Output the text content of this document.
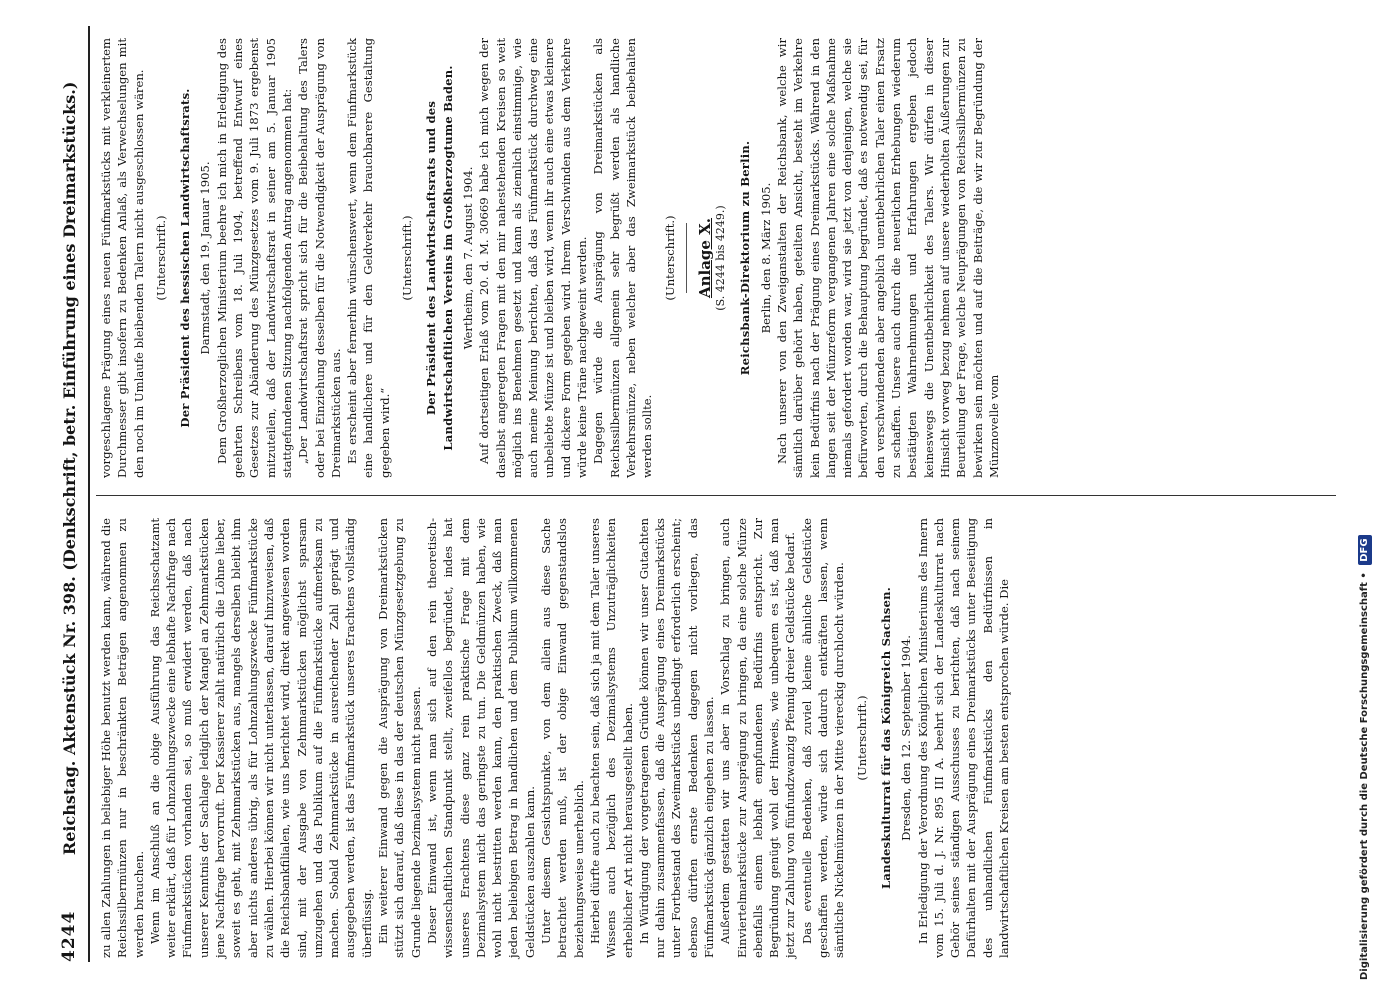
4244
Reichstag. Aktenstück Nr. 398. (Denkschrift, betr. Einführung eines Dreimarkstücks.) zu allen Zahlungen in beliebiger Höhe benutzt werden kann, während die Reichssilbermünzen nur in beschränkten Beträgen angenommen zu werden brauchen. Wenn im Anschluß an die obige Ausführung das Reichsschatzamt weiter erklärt, daß für Lohnzahlungszwecke eine lebhafte Nachfrage nach Fünfmarkstücken vorhanden sei, so muß erwidert werden, daß nach unserer Kenntnis der Sachlage lediglich der Mangel an Zehnmarkstücken jene Nachfrage hervorruft. Der Kassierer zahlt natürlich die Löhne lieber, soweit es geht, mit Zehnmarkstücken aus, mangels derselben bleibt ihm aber nichts anderes übrig, als für Lohnzahlungszwecke Fünfmarkstücke zu wählen. Hierbei können wir nicht unterlassen, darauf hinzuweisen, daß die Reichsbankfilialen, wie uns berichtet wird, direkt angewiesen worden sind, mit der Ausgabe von Zehnmarkstücken möglichst sparsam umzugehen und das Publikum auf die Fünfmarkstücke aufmerksam zu machen. Sobald Zehnmarkstücke in ausreichender Zahl geprägt und ausgegeben werden, ist das Fünfmarkstück unseres Erachtens vollständig überflüssig. Ein weiterer Einwand gegen die Ausprägung von Dreimarkstücken stützt sich darauf, daß diese in das der deutschen Münzgesetzgebung zu Grunde liegende Dezimalsystem nicht passen. Dieser Einwand ist, wenn man sich auf den rein theoretisch-wissenschaftlichen Standpunkt stellt, zweifellos begründet, indes hat unseres Erachtens diese ganz rein praktische Frage mit dem Dezimalsystem nicht das geringste zu tun. Die Geldmünzen haben, wie wohl nicht bestritten werden kann, den praktischen Zweck, daß man jeden beliebigen Betrag in handlichen und dem Publikum willkommenen Geldstücken auszahlen kann. Unter diesem Gesichtspunkte, von dem allein aus diese Sache betrachtet werden muß, ist der obige Einwand gegenstandslos beziehungsweise unerheblich. Hierbei dürfte auch zu beachten sein, daß sich ja mit dem Taler unseres Wissens auch bezüglich des Dezimalsystems Unzuträglichkeiten erheblicher Art nicht herausgestellt haben. In Würdigung der vorgetragenen Gründe können wir unser Gutachten nur dahin zusammenfassen, daß die Ausprägung eines Dreimarkstücks unter Fortbestand des Zweimarkstücks unbedingt erforderlich erscheint; ebenso dürften ernste Bedenken dagegen nicht vorliegen, das Fünfmarkstück gänzlich eingehen zu lassen. Außerdem gestatten wir uns aber in Vorschlag zu bringen, auch Einviertelmarkstücke zur Ausprägung zu bringen, da eine solche Münze ebenfalls einem lebhaft empfundenen Bedürfnis entspricht. Zur Begründung genügt wohl der Hinweis, wie unbequem es ist, daß man jetzt zur Zahlung von fünfundzwanzig Pfennig dreier Geldstücke bedarf. Das eventuelle Bedenken, daß zuviel kleine ähnliche Geldstücke geschaffen werden, würde sich dadurch entkräften lassen, wenn sämtliche Nickelmünzen in der Mitte viereckig durchlocht würden. (Unterschrift.) Landeskulturrat für das Königreich Sachsen. Dresden, den 12. September 1904. In Erledigung der Verordnung des Königlichen Ministeriums des Innern vom 15. Juli d. J. Nr. 895 III A. beehrt sich der Landeskulturrat nach Gehör seines ständigen Ausschusses zu berichten, daß nach seinem Dafürhalten mit der Ausprägung eines Dreimarkstücks unter Beseitigung des unhandlichen Fünfmarkstücks den Bedürfnissen in landwirtschaftlichen Kreisen am besten entsprochen würde. Die

vorgeschlagene Prägung eines neuen Fünfmarkstücks mit verkleinertem Durchmesser gibt insofern zu Bedenken Anlaß, als Verwechselungen mit den noch im Umlaufe bleibenden Talern nicht ausgeschlossen wären. (Unterschrift.) Der Präsident des hessischen Landwirtschaftsrats. Darmstadt, den 19. Januar 1905. Dem Großherzoglichen Ministerium beehre ich mich in Erledigung des geehrten Schreibens vom 18. Juli 1904, betreffend Entwurf eines Gesetzes zur Abänderung des Münzgesetzes vom 9. Juli 1873 ergebenst mitzuteilen, daß der Landwirtschaftsrat in seiner am 5. Januar 1905 stattgefundenen Sitzung nachfolgenden Antrag angenommen hat: „Der Landwirtschaftsrat spricht sich für die Beibehaltung des Talers oder bei Einziehung desselben für die Notwendigkeit der Ausprägung von Dreimarkstücken aus. Es erscheint aber fernerhin wünschenswert, wenn dem Fünfmarkstück eine handlichere und für den Geldverkehr brauchbarere Gestaltung gegeben wird.“

(Unterschrift.) Der Präsident des Landwirtschaftsrats und des Landwirtschaftlichen Vereins im Großherzogtume Baden. Wertheim, den 7. August 1904. Auf dortseitigen Erlaß vom 20. d. M. 30669 habe ich mich wegen der daselbst angeregten Fragen mit den mir nahestehenden Kreisen so weit möglich ins Benehmen gesetzt und kann als ziemlich einstimmige, wie auch meine Meinung berichten, daß das Fünfmarkstück durchweg eine unbeliebte Münze ist und bleiben wird, wenn ihr auch eine etwas kleinere und dickere Form gegeben wird. Ihrem Verschwinden aus dem Verkehre würde keine Träne nachgeweint werden. Dagegen würde die Ausprägung von Dreimarkstücken als Reichssilbermünzen allgemein sehr begrüßt werden als handliche Verkehrsmünze, neben welcher aber das Zweimarkstück beibehalten werden sollte.

(Unterschrift.) Anlage X. (S. 4244 bis 4249.) Reichsbank-Direktorium zu Berlin. Berlin, den 8. März 1905. Nach unserer von den Zweiganstalten der Reichsbank, welche wir sämtlich darüber gehört haben, geteilten Ansicht, besteht im Verkehre kein Bedürfnis nach der Prägung eines Dreimarkstücks. Während in den langen seit der Münzreform vergangenen Jahren eine solche Maßnahme niemals gefordert worden war, wird sie jetzt von denjenigen, welche sie befürworten, durch die Behauptung begründet, daß es notwendig sei, für den verschwindenden aber angeblich unentbehrlichen Taler einen Ersatz zu schaffen. Unsere auch durch die neuerlichen Erhebungen wiederum bestätigten Wahrnehmungen und Erfahrungen ergeben jedoch keineswegs die Unentbehrlichkeit des Talers. Wir dürfen in dieser Hinsicht vorweg bezug nehmen auf unsere wiederholten Äußerungen zur Beurteilung der Frage, welche Neuprägungen von Reichssilbermünzen zu bewirken sein möchten und auf die Beiträge, die wir zur Begründung der Münznovelle vom

Digitalisierung gefördert durch die Deutsche Forschungsgemeinschaft • DFG
